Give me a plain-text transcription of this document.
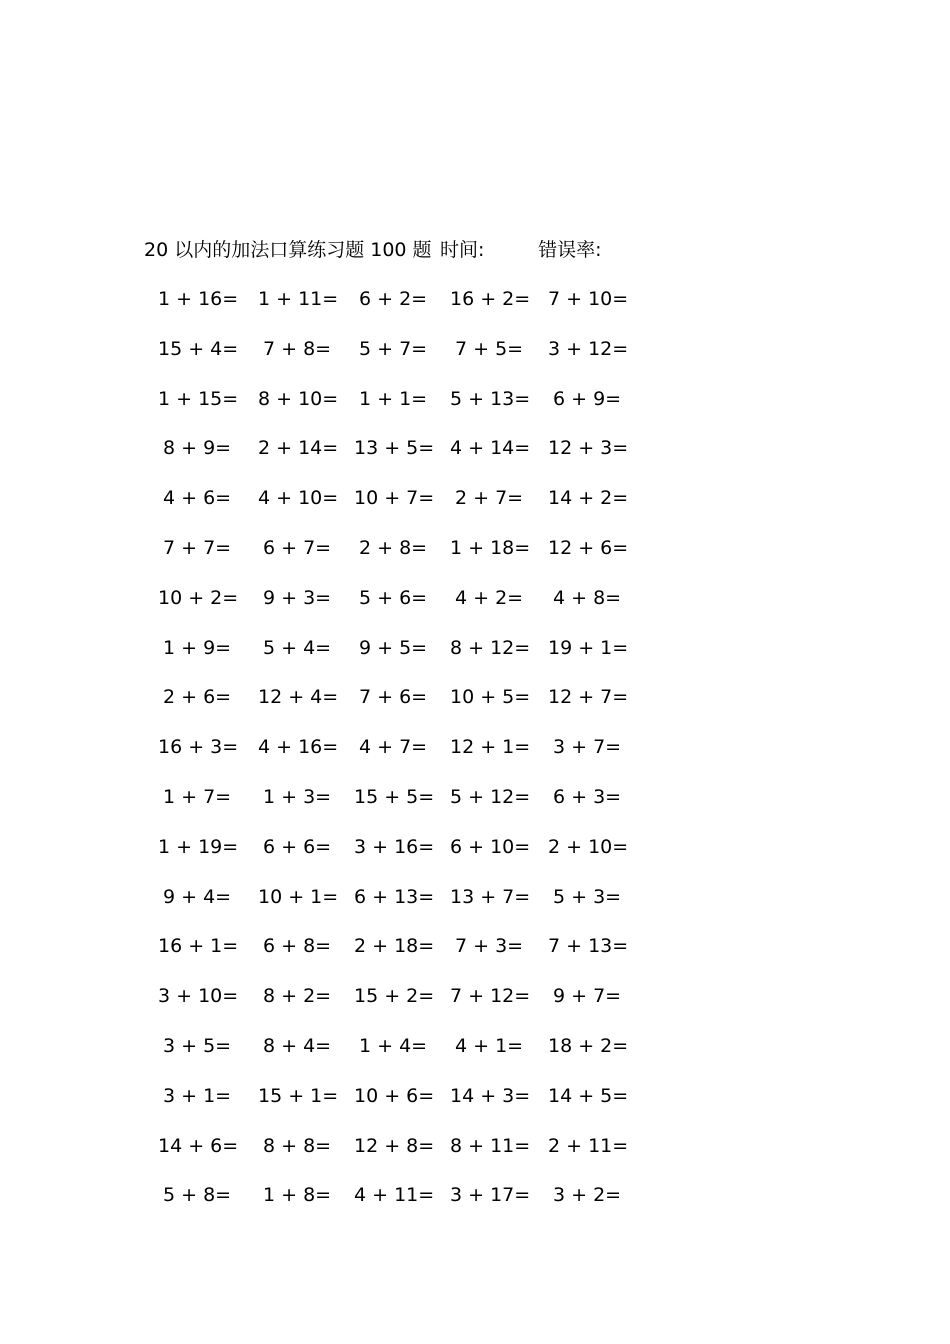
20 以内的加法口算练习题 100 题 时间:	错误率:
1 + 16= 1 + 11= 6 + 2= 16 + 2= 7 + 10=
15 + 4= 7 + 8= 5 + 7= 7 + 5= 3 + 12=
1 + 15= 8 + 10= 1 + 1= 5 + 13= 6 + 9=
8 + 9= 2 + 14= 13 + 5= 4 + 14= 12 + 3=
4 + 6= 4 + 10= 10 + 7= 2 + 7= 14 + 2=
7 + 7= 6 + 7= 2 + 8= 1 + 18= 12 + 6=
10 + 2= 9 + 3= 5 + 6= 4 + 2= 4 + 8=
1 + 9= 5 + 4= 9 + 5= 8 + 12= 19 + 1=
2 + 6= 12 + 4= 7 + 6= 10 + 5= 12 + 7=
16 + 3= 4 + 16= 4 + 7= 12 + 1= 3 + 7=
1 + 7= 1 + 3= 15 + 5= 5 + 12= 6 + 3=
1 + 19= 6 + 6= 3 + 16= 6 + 10= 2 + 10=
9 + 4= 10 + 1= 6 + 13= 13 + 7= 5 + 3=
16 + 1= 6 + 8= 2 + 18= 7 + 3= 7 + 13=
3 + 10= 8 + 2= 15 + 2= 7 + 12= 9 + 7=
3 + 5= 8 + 4= 1 + 4= 4 + 1= 18 + 2=
3 + 1= 15 + 1= 10 + 6= 14 + 3= 14 + 5=
14 + 6= 8 + 8= 12 + 8= 8 + 11= 2 + 11=
5 + 8= 1 + 8= 4 + 11= 3 + 17= 3 + 2=
